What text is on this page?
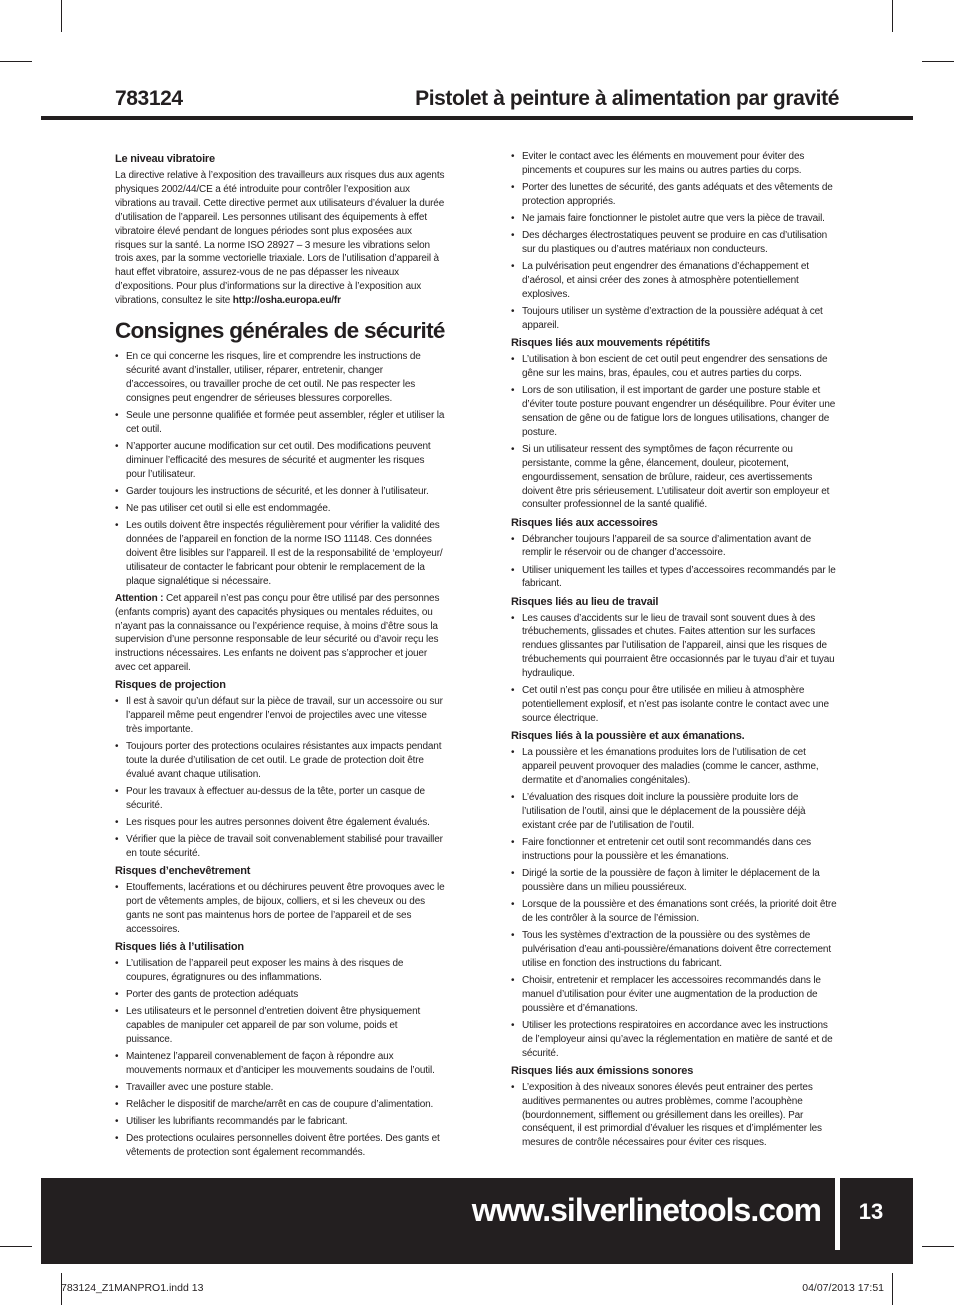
783124	Pistolet à peinture à alimentation par gravité
Le niveau vibratoire

La directive relative à l’exposition des travailleurs aux risques dus aux agents physiques 2002/44/CE a été introduite pour contrôler l’exposition aux vibrations au travail. Cette directive permet aux utilisateurs d’évaluer la durée d’utilisation de l’appareil. Les personnes utilisant des équipements à effet vibratoire élevé pendant de longues périodes sont plus exposées aux risques sur la santé. La norme ISO 28927 – 3 mesure les vibrations selon trois axes, par la somme vectorielle triaxiale. Lors de l’utilisation d’appareil à haut effet vibratoire, assurez-vous de ne pas dépasser les niveaux d’expositions. Pour plus d’informations sur la directive à l’exposition aux vibrations, consultez le site http://osha.europa.eu/fr

Consignes générales de sécurité
• En ce qui concerne les risques, lire et comprendre les instructions de sécurité avant d’installer, utiliser, réparer, entretenir, changer d’accessoires, ou travailler proche de cet outil. Ne pas respecter les consignes peut engendrer de sérieuses blessures corporelles.
• Seule une personne qualifiée et formée peut assembler, régler et utiliser la cet outil.
• N’apporter aucune modification sur cet outil. Des modifications peuvent diminuer l’efficacité des mesures de sécurité et augmenter les risques pour l’utilisateur.
• Garder toujours les instructions de sécurité, et les donner à l’utilisateur.
• Ne pas utiliser cet outil si elle est endommagée.
• Les outils doivent être inspectés régulièrement pour vérifier la validité des données de l’appareil en fonction de la norme ISO 11148. Ces données doivent être lisibles sur l’appareil. Il est de la responsabilité de ‘employeur/ utilisateur de contacter le fabricant pour obtenir le remplacement de la plaque signalétique si nécessaire.

Attention : Cet appareil n’est pas conçu pour être utilisé par des personnes (enfants compris) ayant des capacités physiques ou mentales réduites, ou n’ayant pas la connaissance ou l’expérience requise, à moins d’être sous la supervision d’une personne responsable de leur sécurité ou d’avoir reçu les instructions nécessaires. Les enfants ne doivent pas s’approcher et jouer avec cet appareil.

Risques de projection
• Il est à savoir qu’un défaut sur la pièce de travail, sur un accessoire ou sur l’appareil même peut engendrer l’envoi de projectiles avec une vitesse très importante.
• Toujours porter des protections oculaires résistantes aux impacts pendant toute la durée d’utilisation de cet outil. Le grade de protection doit être évalué avant chaque utilisation.
• Pour les travaux à effectuer au-dessus de la tête, porter un casque de sécurité.
• Les risques pour les autres personnes doivent être également évalués.
• Vérifier que la pièce de travail soit convenablement stabilisé pour travailler en toute sécurité.
Risques d’enchevêtrement
• Etouffements, lacérations et ou déchirures peuvent être provoques avec le port de vêtements amples, de bijoux, colliers, et si les cheveux ou des gants ne sont pas maintenus hors de portee de l’appareil et de ses accessoires.
Risques liés à l’utilisation
• L’utilisation de l’appareil peut exposer les mains à des risques de coupures, égratignures ou des inflammations.
• Porter des gants de protection adéquats
• Les utilisateurs et le personnel d’entretien doivent être physiquement capables de manipuler cet appareil de par son volume, poids et puissance.
• Maintenez l’appareil convenablement de façon à répondre aux mouvements normaux et d’anticiper les mouvements soudains de l’outil.
• Travailler avec une posture stable.
• Relâcher le dispositif de marche/arrêt en cas de coupure d’alimentation.
• Utiliser les lubrifiants recommandés par le fabricant.
• Des protections oculaires personnelles doivent être portées. Des gants et vêtements de protection sont également recommandés.
• Eviter le contact avec les éléments en mouvement pour éviter des pincements et coupures sur les mains ou autres parties du corps.
• Porter des lunettes de sécurité, des gants adéquats et des vêtements de protection appropriés.
• Ne jamais faire fonctionner le pistolet autre que vers la pièce de travail.
• Des décharges électrostatiques peuvent se produire en cas d’utilisation sur du plastiques ou d’autres matériaux non conducteurs.
• La pulvérisation peut engendrer des émanations d’échappement et d’aérosol, et ainsi créer des zones à atmosphère potentiellement explosives.
• Toujours utiliser un système d’extraction de la poussière adéquat à cet appareil.
Risques liés aux mouvements répétitifs
• L’utilisation à bon escient de cet outil peut engendrer des sensations de gêne sur les mains, bras, épaules, cou et autres parties du corps.
• Lors de son utilisation, il est important de garder une posture stable et d’éviter toute posture pouvant engendrer un déséquilibre. Pour éviter une sensation de gêne ou de fatigue lors de longues utilisations, changer de posture.
• Si un utilisateur ressent des symptômes de façon récurrente ou persistante, comme la gêne, élancement, douleur, picotement, engourdissement, sensation de brûlure, raideur, ces avertissements doivent être pris sérieusement. L’utilisateur doit avertir son employeur et consulter professionnel de la santé qualifié.
Risques liés aux accessoires
• Débrancher toujours l’appareil de sa source d’alimentation avant de remplir le réservoir ou de changer d’accessoire.
• Utiliser uniquement les tailles et types d’accessoires recommandés par le fabricant.
Risques liés au lieu de travail
• Les causes d’accidents sur le lieu de travail sont souvent dues à des trébuchements, glissades et chutes. Faites attention sur les surfaces rendues glissantes par l’utilisation de l’appareil, ainsi que les risques de trébuchements qui pourraient être occasionnés par le tuyau d’air et tuyau hydraulique.
• Cet outil n’est pas conçu pour être utilisée en milieu à atmosphère potentiellement explosif, et n’est pas isolante contre le contact avec une source électrique.
Risques liés à la poussière et aux émanations.
• La poussière et les émanations produites lors de l’utilisation de cet appareil peuvent provoquer des maladies (comme le cancer, asthme, dermatite et d’anomalies congénitales).
• L’évaluation des risques doit inclure la poussière produite lors de l’utilisation de l’outil, ainsi que le déplacement de la poussière déjà existant crée par de l’utilisation de l’outil.
• Faire fonctionner et entretenir cet outil sont recommandés dans ces instructions pour la poussière et les émanations.
• Dirigé la sortie de la poussière de façon à limiter le déplacement de la poussière dans un milieu poussiéreux.
• Lorsque de la poussière et des émanations sont créés, la priorité doit être de les contrôler à la source de l’émission.
• Tous les systèmes d’extraction de la poussière ou des systèmes de pulvérisation d’eau anti-poussière/émanations doivent être correctement utilise en fonction des instructions du fabricant.
• Choisir, entretenir et remplacer les accessoires recommandés dans le manuel d’utilisation pour éviter une augmentation de la production de poussière et d’émanations.
• Utiliser les protections respiratoires en accordance avec les instructions de l’employeur ainsi qu’avec la réglementation en matière de santé et de sécurité.
Risques liés aux émissions sonores
• L’exposition à des niveaux sonores élevés peut entrainer des pertes auditives permanentes ou autres problèmes, comme l’acouphène (bourdonnement, sifflement ou grésillement dans les oreilles). Par conséquent, il est primordial d’évaluer les risques et d’implémenter les mesures de contrôle nécessaires pour éviter ces risques.
www.silverlinetools.com	13
783124_Z1MANPRO1.indd 13	04/07/2013 17:51
